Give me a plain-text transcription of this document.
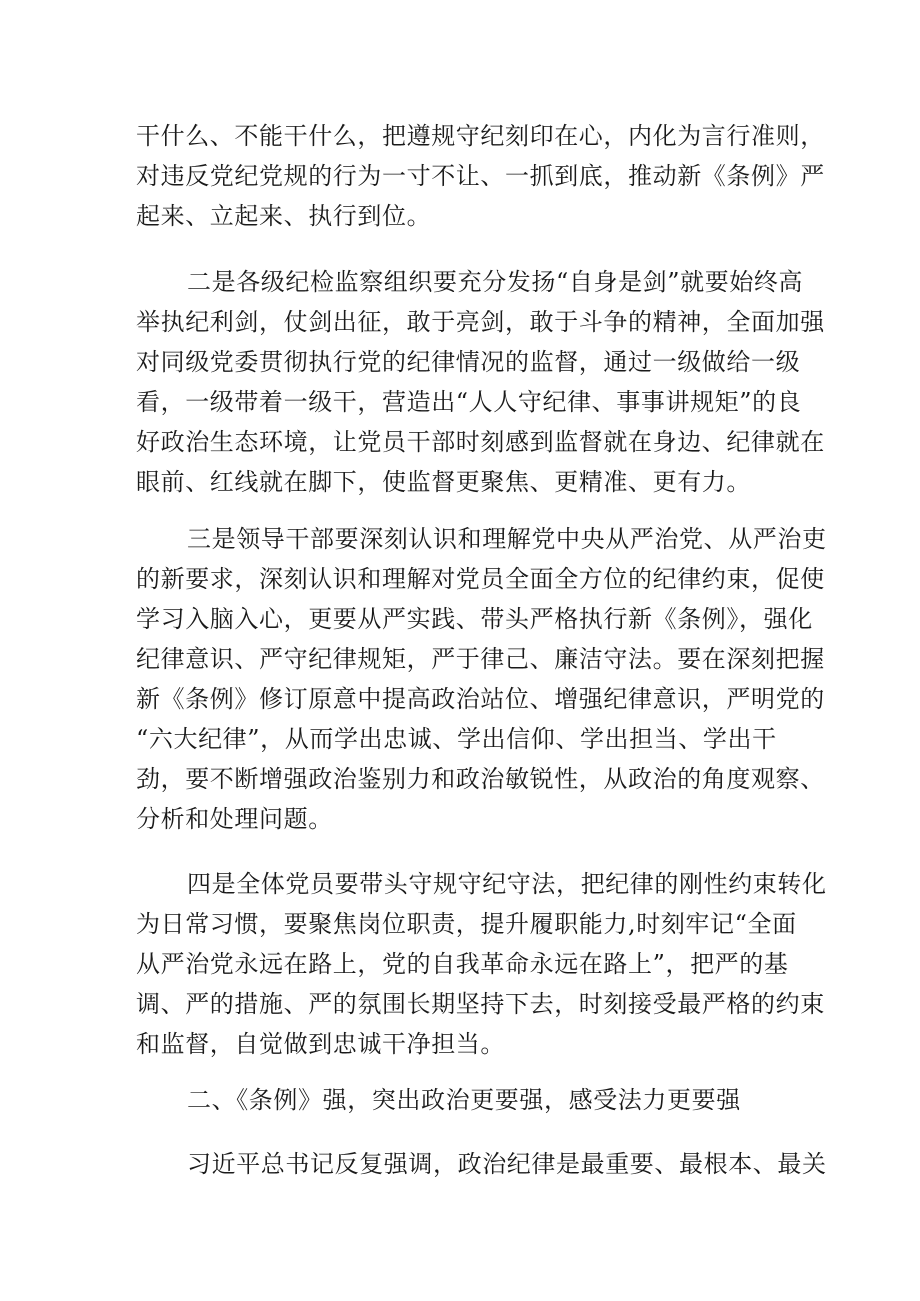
干什么、不能干什么，把遵规守纪刻印在心，内化为言行准则，
对违反党纪党规的行为一寸不让、一抓到底，推动新《条例》严
起来、立起来、执行到位。
二是各级纪检监察组织要充分发扬“自身是剑”就要始终高
举执纪利剑，仗剑出征，敢于亮剑，敢于斗争的精神，全面加强
对同级党委贯彻执行党的纪律情况的监督，通过一级做给一级
看，一级带着一级干，营造出“人人守纪律、事事讲规矩”的良
好政治生态环境，让党员干部时刻感到监督就在身边、纪律就在
眼前、红线就在脚下，使监督更聚焦、更精准、更有力。
三是领导干部要深刻认识和理解党中央从严治党、从严治吏
的新要求，深刻认识和理解对党员全面全方位的纪律约束，促使
学习入脑入心，更要从严实践、带头严格执行新《条例》，强化
纪律意识、严守纪律规矩，严于律己、廉洁守法。要在深刻把握
新《条例》修订原意中提高政治站位、增强纪律意识，严明党的
“六大纪律”，从而学出忠诚、学出信仰、学出担当、学出干
劲，要不断增强政治鉴别力和政治敏锐性，从政治的角度观察、
分析和处理问题。
四是全体党员要带头守规守纪守法，把纪律的刚性约束转化
为日常习惯，要聚焦岗位职责，提升履职能力,时刻牢记“全面
从严治党永远在路上，党的自我革命永远在路上”，把严的基
调、严的措施、严的氛围长期坚持下去，时刻接受最严格的约束
和监督，自觉做到忠诚干净担当。
二、《条例》强，突出政治更要强，感受法力更要强
习近平总书记反复强调，政治纪律是最重要、最根本、最关
